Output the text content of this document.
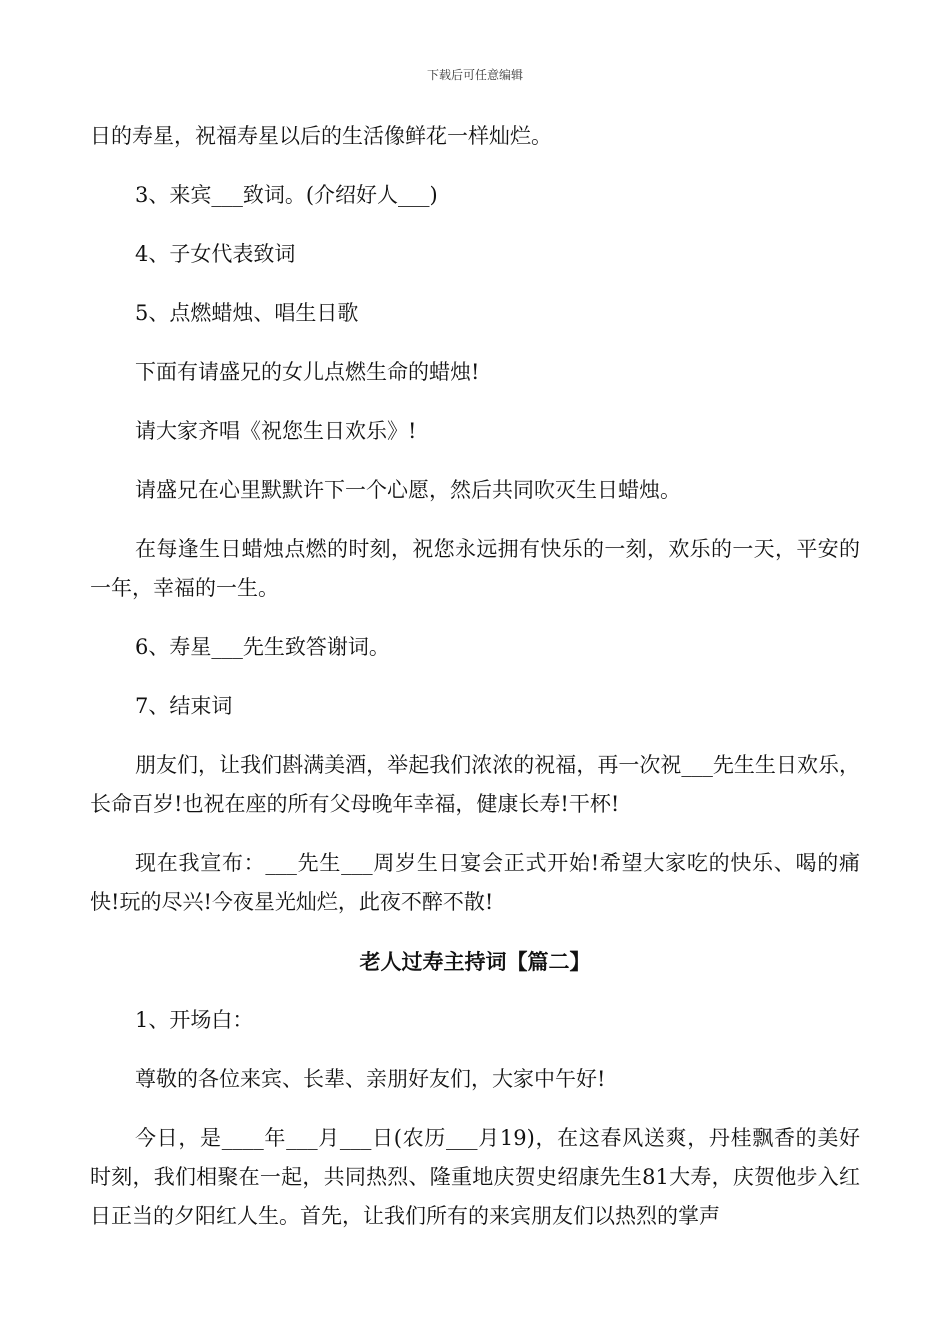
下载后可任意编辑

日的寿星，祝福寿星以后的生活像鲜花一样灿烂。

3、来宾___致词。(介绍好人___)

4、子女代表致词

5、点燃蜡烛、唱生日歌

下面有请盛兄的女儿点燃生命的蜡烛!

请大家齐唱《祝您生日欢乐》!

请盛兄在心里默默许下一个心愿，然后共同吹灭生日蜡烛。

在每逢生日蜡烛点燃的时刻，祝您永远拥有快乐的一刻，欢乐的一天，平安的一年，幸福的一生。

6、寿星___先生致答谢词。

7、结束词

朋友们，让我们斟满美酒，举起我们浓浓的祝福，再一次祝___先生生日欢乐，长命百岁!也祝在座的所有父母晚年幸福，健康长寿!干杯!

现在我宣布：___先生___周岁生日宴会正式开始!希望大家吃的快乐、喝的痛快!玩的尽兴!今夜星光灿烂，此夜不醉不散!

老人过寿主持词【篇二】

1、开场白：

尊敬的各位来宾、长辈、亲朋好友们，大家中午好!

今日，是____年___月___日(农历___月19)，在这春风送爽，丹桂飘香的美好时刻，我们相聚在一起，共同热烈、隆重地庆贺史绍康先生81大寿，庆贺他步入红日正当的夕阳红人生。首先，让我们所有的来宾朋友们以热烈的掌声
